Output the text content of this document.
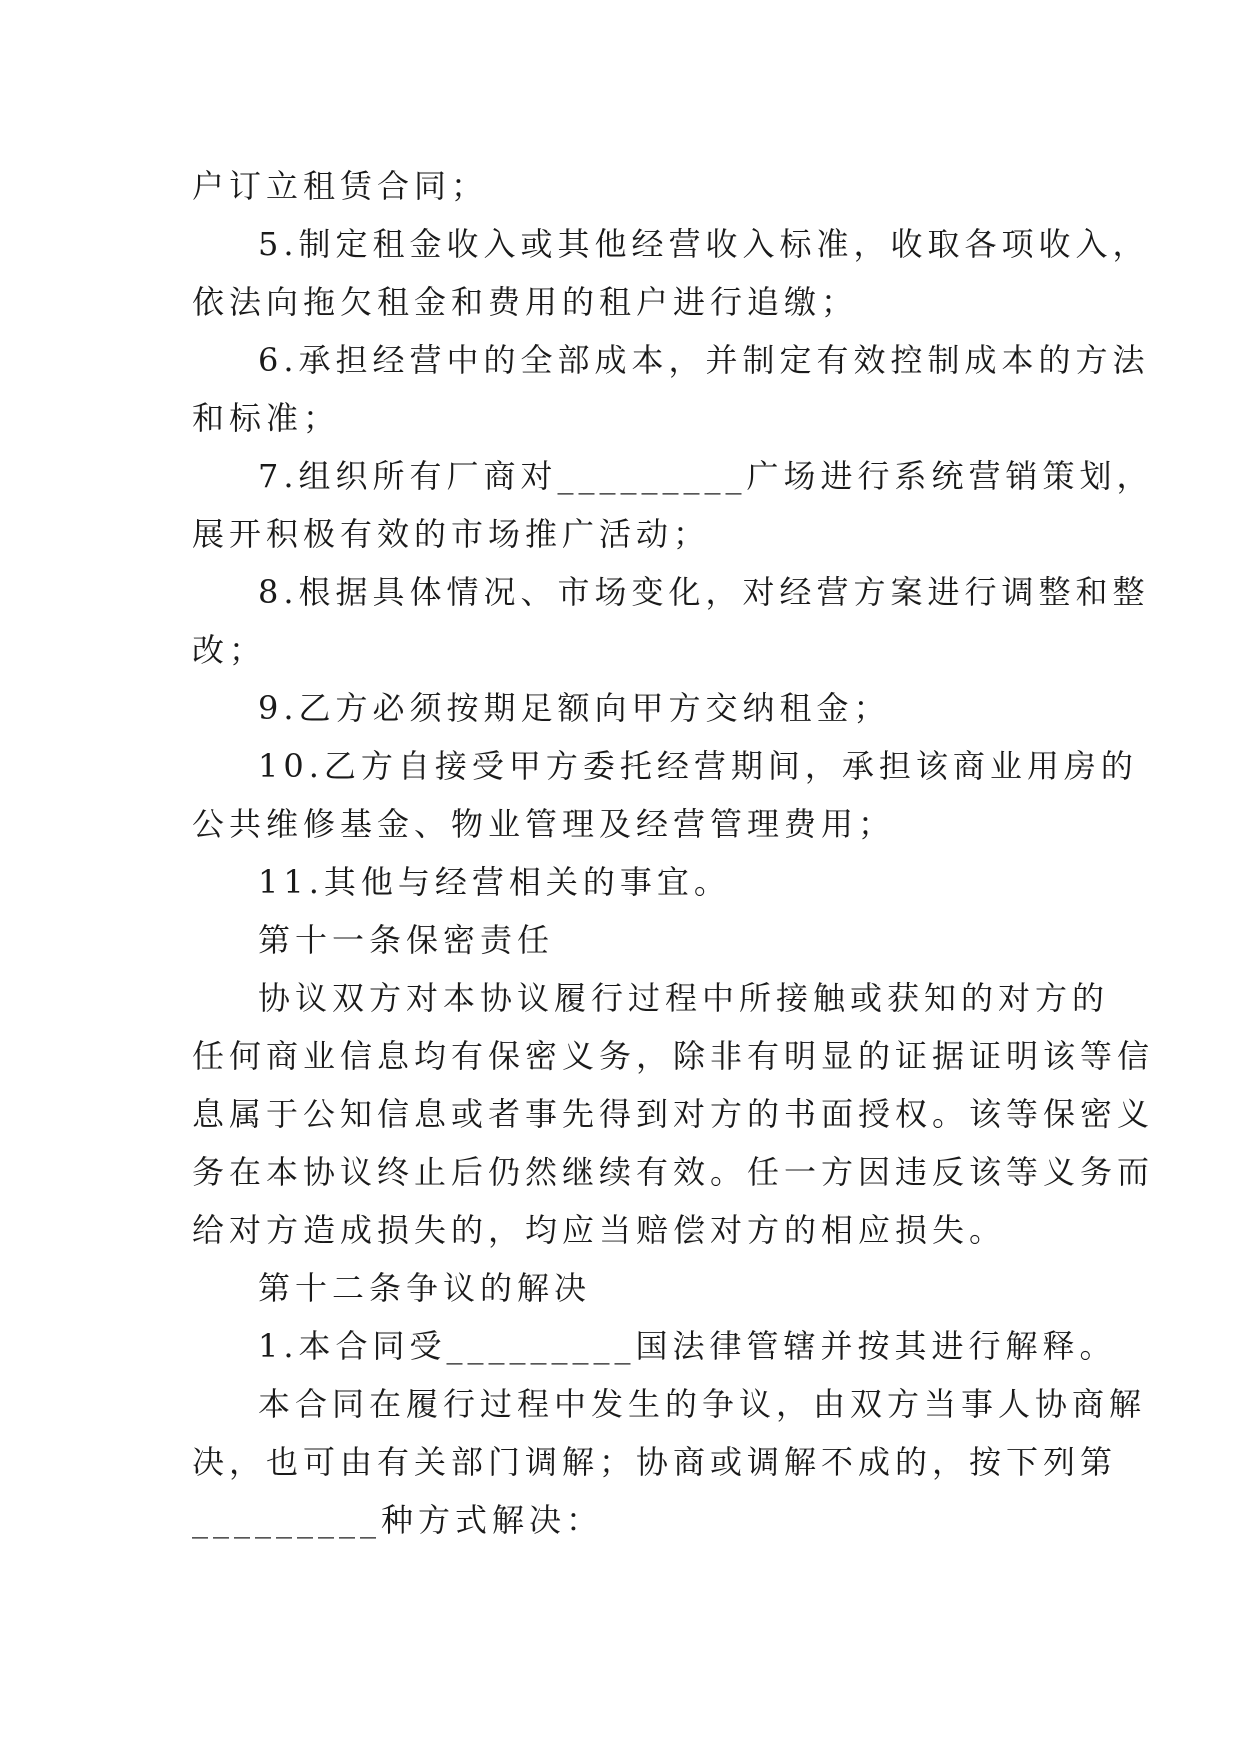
户订立租赁合同；
5.制定租金收入或其他经营收入标准，收取各项收入，
依法向拖欠租金和费用的租户进行追缴；
6.承担经营中的全部成本，并制定有效控制成本的方法
和标准；
7.组织所有厂商对_________广场进行系统营销策划，
展开积极有效的市场推广活动；
8.根据具体情况、市场变化，对经营方案进行调整和整
改；
9.乙方必须按期足额向甲方交纳租金；
10.乙方自接受甲方委托经营期间，承担该商业用房的
公共维修基金、物业管理及经营管理费用；
11.其他与经营相关的事宜。
第十一条保密责任
协议双方对本协议履行过程中所接触或获知的对方的
任何商业信息均有保密义务，除非有明显的证据证明该等信
息属于公知信息或者事先得到对方的书面授权。该等保密义
务在本协议终止后仍然继续有效。任一方因违反该等义务而
给对方造成损失的，均应当赔偿对方的相应损失。
第十二条争议的解决
1.本合同受_________国法律管辖并按其进行解释。
本合同在履行过程中发生的争议，由双方当事人协商解
决，也可由有关部门调解；协商或调解不成的，按下列第
_________种方式解决：
